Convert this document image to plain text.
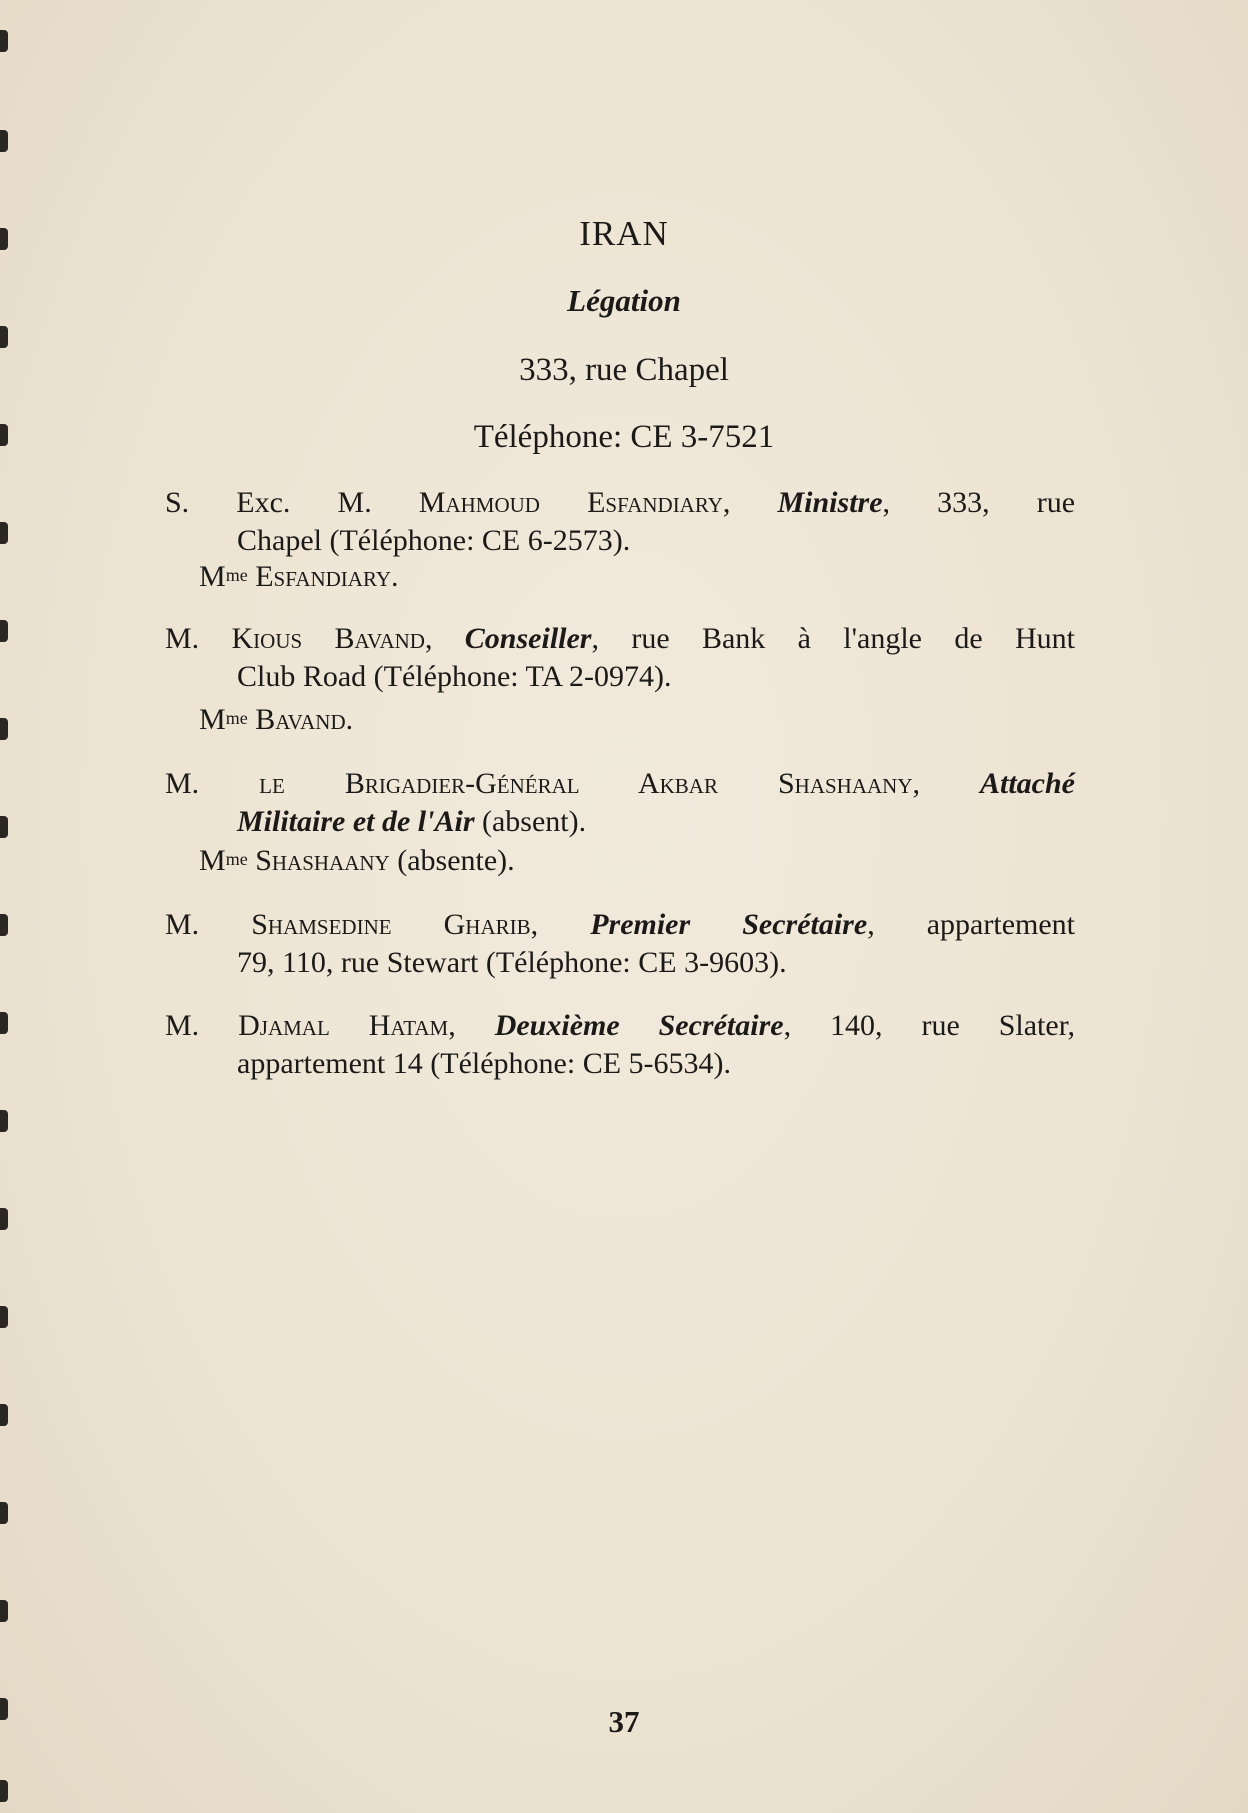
IRAN
Légation
333, rue Chapel
Téléphone: CE 3-7521
S. Exc. M. Mahmoud Esfandiary, Ministre, 333, rue
Chapel (Téléphone: CE 6-2573).
$M^{me}$ Esfandiary.
M. Kious Bavand, Conseiller, rue Bank à l'angle de Hunt
Club Road (Téléphone: TA 2-0974).
$M^{me}$ Bavand.
M. le Brigadier-Général Akbar Shashaany, Attaché
Militaire et de l'Air (absent).
$M^{me}$ Shashaany (absente).
M. Shamsedine Gharib, Premier Secrétaire, appartement
79, 110, rue Stewart (Téléphone: CE 3-9603).
M. Djamal Hatam, Deuxième Secrétaire, 140, rue Slater,
appartement 14 (Téléphone: CE 5-6534).
37
